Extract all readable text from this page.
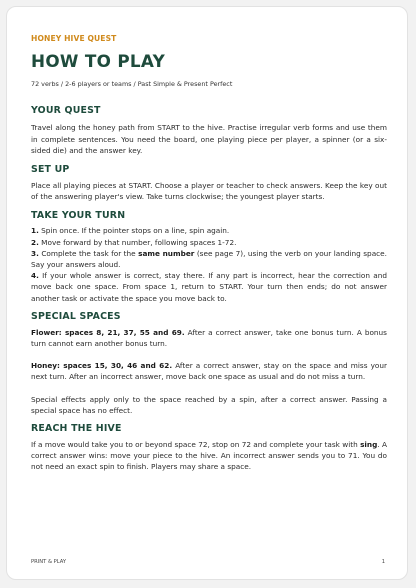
HONEY HIVE QUEST

HOW TO PLAY

72 verbs / 2-6 players or teams / Past Simple & Present Perfect

YOUR QUEST

Travel along the honey path from START to the hive. Practise irregular verb forms and use them in complete sentences. You need the board, one playing piece per player, a spinner (or a six-sided die) and the answer key.

SET UP

Place all playing pieces at START. Choose a player or teacher to check answers. Keep the key out of the answering player's view. Take turns clockwise; the youngest player starts.

TAKE YOUR TURN

1. Spin once. If the pointer stops on a line, spin again.

2. Move forward by that number, following spaces 1-72.

3. Complete the task for the same number (see page 7), using the verb on your landing space. Say your answers aloud.

4. If your whole answer is correct, stay there. If any part is incorrect, hear the correction and move back one space. From space 1, return to START. Your turn then ends; do not answer another task or activate the space you move back to.

SPECIAL SPACES

Flower: spaces 8, 21, 37, 55 and 69. After a correct answer, take one bonus turn. A bonus turn cannot earn another bonus turn.

Honey: spaces 15, 30, 46 and 62. After a correct answer, stay on the space and miss your next turn. After an incorrect answer, move back one space as usual and do not miss a turn.

Special effects apply only to the space reached by a spin, after a correct answer. Passing a special space has no effect.

REACH THE HIVE

If a move would take you to or beyond space 72, stop on 72 and complete your task with sing. A correct answer wins: move your piece to the hive. An incorrect answer sends you to 71. You do not need an exact spin to finish. Players may share a space.

PRINT & PLAY	1
